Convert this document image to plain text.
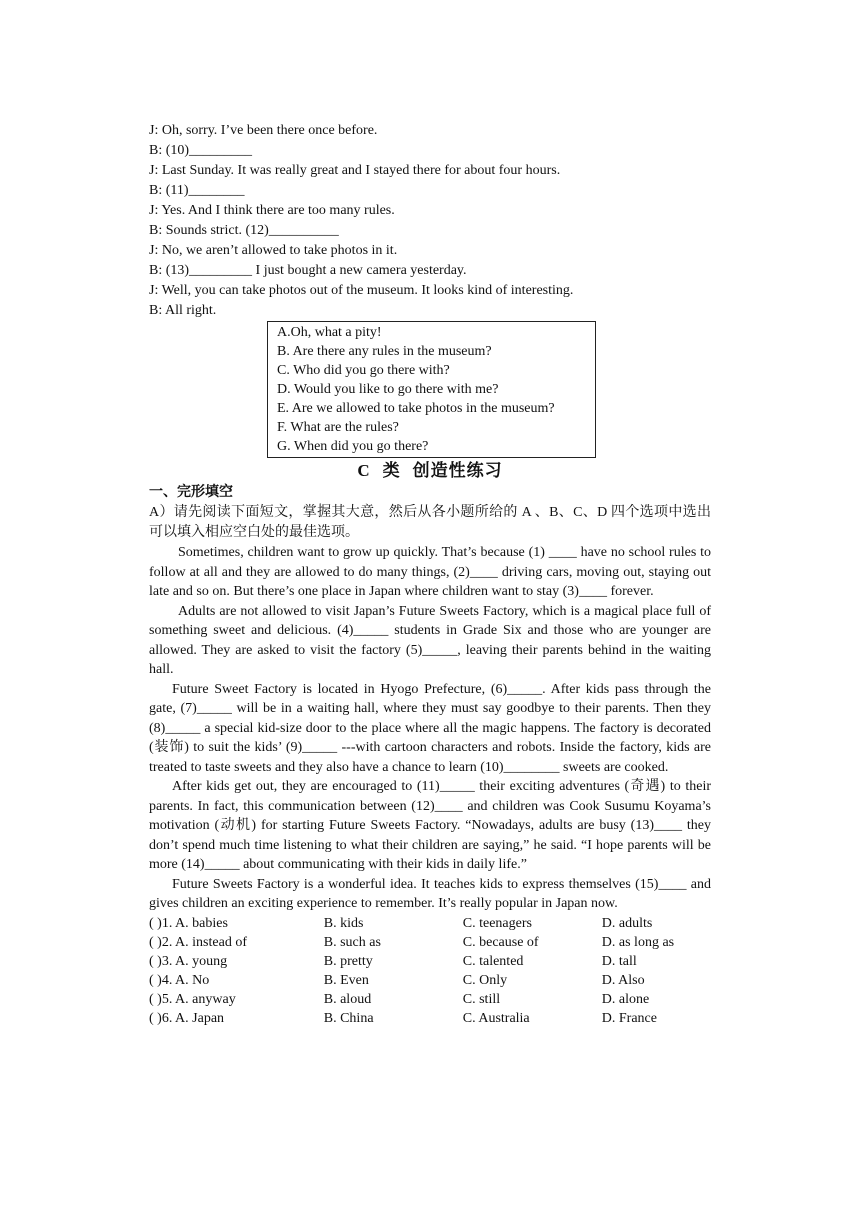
J: Oh, sorry. I’ve been there once before.
B: (10)_________
J: Last Sunday. It was really great and I stayed there for about four hours.
B: (11)________
J: Yes. And I think there are too many rules.
B: Sounds strict. (12)__________
J: No, we aren’t allowed to take photos in it.
B: (13)_________ I just bought a new camera yesterday.
J: Well, you can take photos out of the museum. It looks kind of interesting.
B: All right.
A.Oh, what a pity!
B. Are there any rules in the museum?
C. Who did you go there with?
D. Would you like to go there with me?
E. Are we allowed to take photos in the museum?
F. What are the rules?
G. When did you go there?
C 类 创造性练习
一、完形填空
A）请先阅读下面短文，掌握其大意，然后从各小题所给的 A 、B、C、D 四个选项中选出可以填入相应空白处的最佳选项。

Sometimes, children want to grow up quickly. That’s because (1) ____ have no school rules to follow at all and they are allowed to do many things, (2)____ driving cars, moving out, staying out late and so on. But there’s one place in Japan where children want to stay (3)____ forever.

Adults are not allowed to visit Japan’s Future Sweets Factory, which is a magical place full of something sweet and delicious. (4)_____ students in Grade Six and those who are younger are allowed. They are asked to visit the factory (5)_____, leaving their parents behind in the waiting hall.

Future Sweet Factory is located in Hyogo Prefecture, (6)_____. After kids pass through the gate, (7)_____ will be in a waiting hall, where they must say goodbye to their parents. Then they (8)_____ a special kid-size door to the place where all the magic happens. The factory is decorated (装饰) to suit the kids’ (9)_____ ---with cartoon characters and robots. Inside the factory, kids are treated to taste sweets and they also have a chance to learn (10)________ sweets are cooked.

After kids get out, they are encouraged to (11)_____ their exciting adventures (奇遇) to their parents. In fact, this communication between (12)____ and children was Cook Susumu Koyama’s motivation (动机) for starting Future Sweets Factory. “Nowadays, adults are busy (13)____ they don’t spend much time listening to what their children are saying,” he said. “I hope parents will be more (14)_____ about communicating with their kids in daily life.”

Future Sweets Factory is a wonderful idea. It teaches kids to express themselves (15)____ and gives children an exciting experience to remember. It’s really popular in Japan now.

( )1. A. babies	B. kids	C. teenagers	D. adults
( )2. A. instead of	B. such as	C. because of	D. as long as
( )3. A. young	B. pretty	C. talented	D. tall
( )4. A. No	B. Even	C. Only	D. Also
( )5. A. anyway	B. aloud	C. still	D. alone
( )6. A. Japan	B. China	C. Australia	D. France
